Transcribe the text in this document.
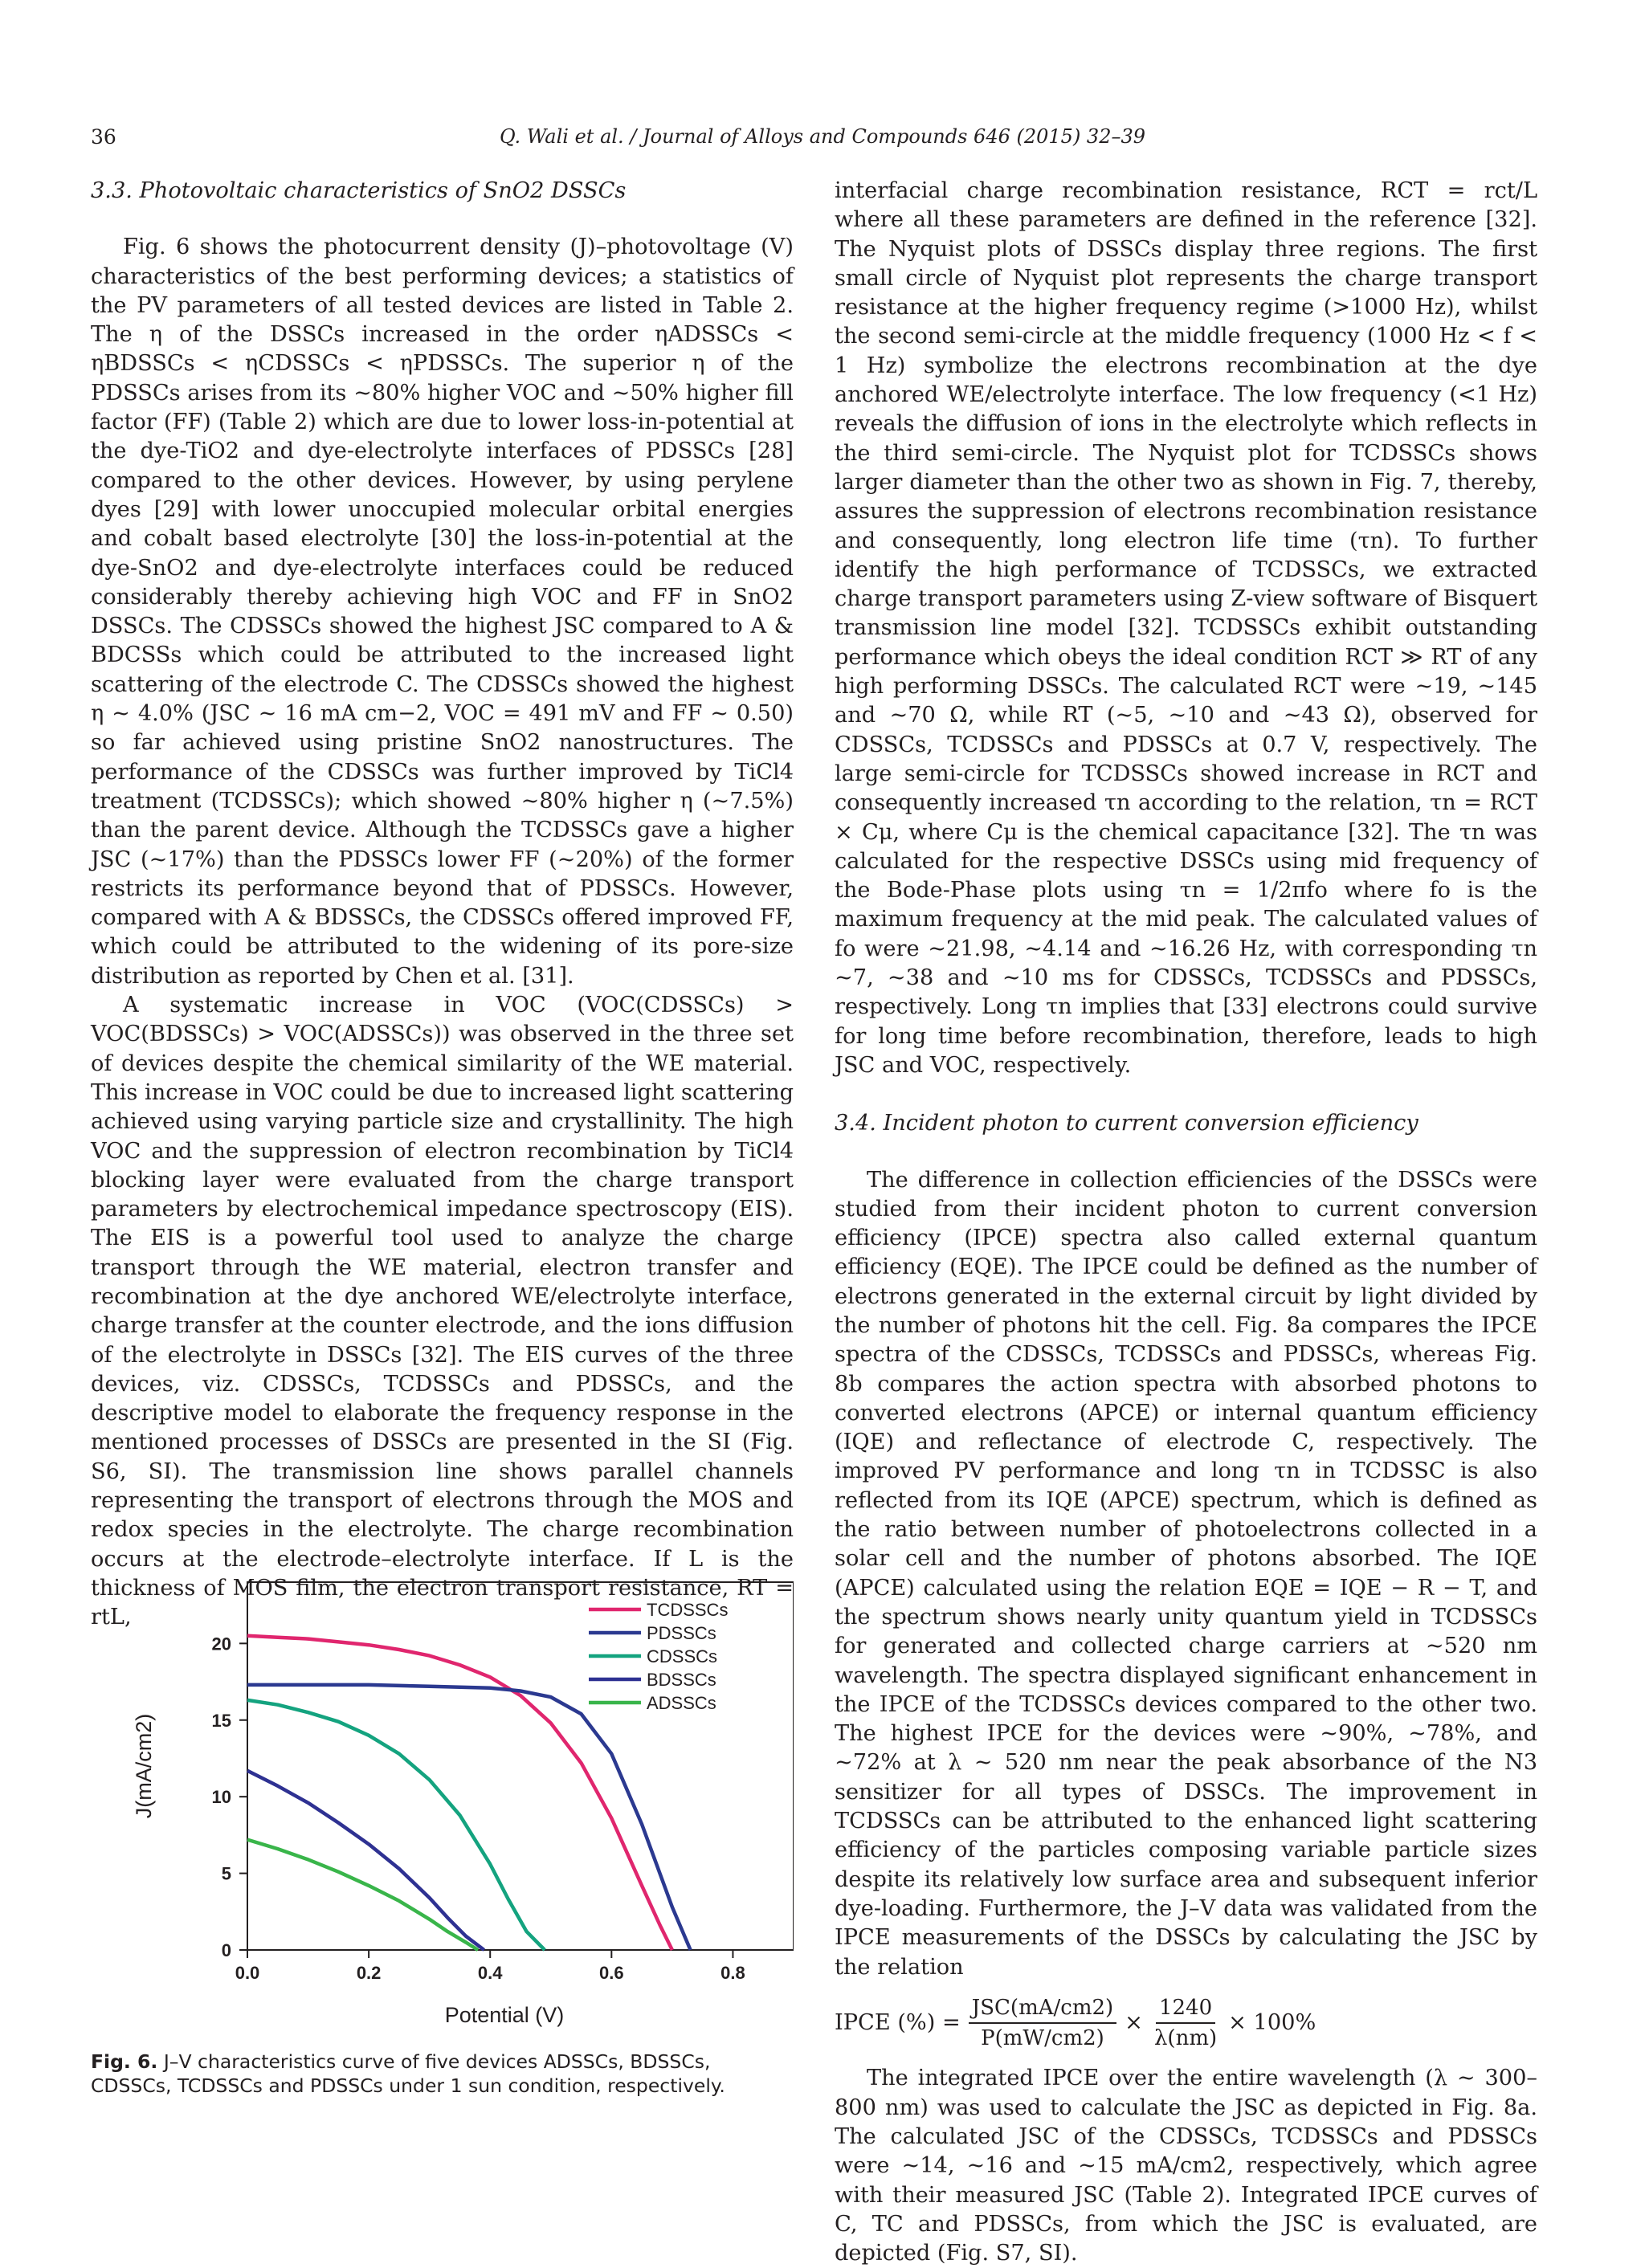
36	Q. Wali et al. / Journal of Alloys and Compounds 646 (2015) 32–39
3.3. Photovoltaic characteristics of SnO2 DSSCs

Fig. 6 shows the photocurrent density (J)–photovoltage (V) characteristics of the best performing devices; a statistics of the PV parameters of all tested devices are listed in Table 2. The η of the DSSCs increased in the order ηADSSCs < ηBDSSCs < ηCDSSCs < ηPDSSCs. The superior η of the PDSSCs arises from its ~80% higher VOC and ~50% higher fill factor (FF) (Table 2) which are due to lower loss-in-potential at the dye-TiO2 and dye-electrolyte interfaces of PDSSCs [28] compared to the other devices. However, by using perylene dyes [29] with lower unoccupied molecular orbital energies and cobalt based electrolyte [30] the loss-in-potential at the dye-SnO2 and dye-electrolyte interfaces could be reduced considerably thereby achieving high VOC and FF in SnO2 DSSCs. The CDSSCs showed the highest JSC compared to A & BDCSSs which could be attributed to the increased light scattering of the electrode C. The CDSSCs showed the highest η ~ 4.0% (JSC ~ 16 mA cm−2, VOC = 491 mV and FF ~ 0.50) so far achieved using pristine SnO2 nanostructures. The performance of the CDSSCs was further improved by TiCl4 treatment (TCDSSCs); which showed ~80% higher η (~7.5%) than the parent device. Although the TCDSSCs gave a higher JSC (~17%) than the PDSSCs lower FF (~20%) of the former restricts its performance beyond that of PDSSCs. However, compared with A & BDSSCs, the CDSSCs offered improved FF, which could be attributed to the widening of its pore-size distribution as reported by Chen et al. [31].

A systematic increase in VOC (VOC(CDSSCs) > VOC(BDSSCs) > VOC(ADSSCs)) was observed in the three set of devices despite the chemical similarity of the WE material. This increase in VOC could be due to increased light scattering achieved using varying particle size and crystallinity. The high VOC and the suppression of electron recombination by TiCl4 blocking layer were evaluated from the charge transport parameters by electrochemical impedance spectroscopy (EIS). The EIS is a powerful tool used to analyze the charge transport through the WE material, electron transfer and recombination at the dye anchored WE/electrolyte interface, charge transfer at the counter electrode, and the ions diffusion of the electrolyte in DSSCs [32]. The EIS curves of the three devices, viz. CDSSCs, TCDSSCs and PDSSCs, and the descriptive model to elaborate the frequency response in the mentioned processes of DSSCs are presented in the SI (Fig. S6, SI). The transmission line shows parallel channels representing the transport of electrons through the MOS and redox species in the electrolyte. The charge recombination occurs at the electrode–electrolyte interface. If L is the thickness of MOS film, the electron transport resistance, RT = rtL,

0.0	0.2	0.4	0.6	0.8
0
5
10
15
20
Potential (V)
J(mA/cm2)
TCDSSCs
PDSSCs
CDSSCs
BDSSCs
ADSSCs
Fig. 6. J–V characteristics curve of five devices ADSSCs, BDSSCs, CDSSCs, TCDSSCs and PDSSCs under 1 sun condition, respectively.

interfacial charge recombination resistance, RCT = rct/L where all these parameters are defined in the reference [32]. The Nyquist plots of DSSCs display three regions. The first small circle of Nyquist plot represents the charge transport resistance at the higher frequency regime (>1000 Hz), whilst the second semi-circle at the middle frequency (1000 Hz < f < 1 Hz) symbolize the electrons recombination at the dye anchored WE/electrolyte interface. The low frequency (<1 Hz) reveals the diffusion of ions in the electrolyte which reflects in the third semi-circle. The Nyquist plot for TCDSSCs shows larger diameter than the other two as shown in Fig. 7, thereby, assures the suppression of electrons recombination resistance and consequently, long electron life time (τn). To further identify the high performance of TCDSSCs, we extracted charge transport parameters using Z-view software of Bisquert transmission line model [32]. TCDSSCs exhibit outstanding performance which obeys the ideal condition RCT ≫ RT of any high performing DSSCs. The calculated RCT were ~19, ~145 and ~70 Ω, while RT (~5, ~10 and ~43 Ω), observed for CDSSCs, TCDSSCs and PDSSCs at 0.7 V, respectively. The large semi-circle for TCDSSCs showed increase in RCT and consequently increased τn according to the relation, τn = RCT × Cμ, where Cμ is the chemical capacitance [32]. The τn was calculated for the respective DSSCs using mid frequency of the Bode-Phase plots using τn = 1/2πfo where fo is the maximum frequency at the mid peak. The calculated values of fo were ~21.98, ~4.14 and ~16.26 Hz, with corresponding τn ~7, ~38 and ~10 ms for CDSSCs, TCDSSCs and PDSSCs, respectively. Long τn implies that [33] electrons could survive for long time before recombination, therefore, leads to high JSC and VOC, respectively.

3.4. Incident photon to current conversion efficiency

The difference in collection efficiencies of the DSSCs were studied from their incident photon to current conversion efficiency (IPCE) spectra also called external quantum efficiency (EQE). The IPCE could be defined as the number of electrons generated in the external circuit by light divided by the number of photons hit the cell. Fig. 8a compares the IPCE spectra of the CDSSCs, TCDSSCs and PDSSCs, whereas Fig. 8b compares the action spectra with absorbed photons to converted electrons (APCE) or internal quantum efficiency (IQE) and reflectance of electrode C, respectively. The improved PV performance and long τn in TCDSSC is also reflected from its IQE (APCE) spectrum, which is defined as the ratio between number of photoelectrons collected in a solar cell and the number of photons absorbed. The IQE (APCE) calculated using the relation EQE = IQE − R − T, and the spectrum shows nearly unity quantum yield in TCDSSCs for generated and collected charge carriers at ~520 nm wavelength. The spectra displayed significant enhancement in the IPCE of the TCDSSCs devices compared to the other two. The highest IPCE for the devices were ~90%, ~78%, and ~72% at λ ~ 520 nm near the peak absorbance of the N3 sensitizer for all types of DSSCs. The improvement in TCDSSCs can be attributed to the enhanced light scattering efficiency of the particles composing variable particle sizes despite its relatively low surface area and subsequent inferior dye-loading. Furthermore, the J–V data was validated from the IPCE measurements of the DSSCs by calculating the JSC by the relation

IPCE (%) = $\frac{\text{JSC(mA/cm2)}}{P(mW/cm2)} \times \frac{1240}{\lambda(nm)} \times 100\%$

The integrated IPCE over the entire wavelength (λ ~ 300–800 nm) was used to calculate the JSC as depicted in Fig. 8a. The calculated JSC of the CDSSCs, TCDSSCs and PDSSCs were ~14, ~16 and ~15 mA/cm2, respectively, which agree with their measured JSC (Table 2). Integrated IPCE curves of C, TC and PDSSCs, from which the JSC is evaluated, are depicted (Fig. S7, SI).
